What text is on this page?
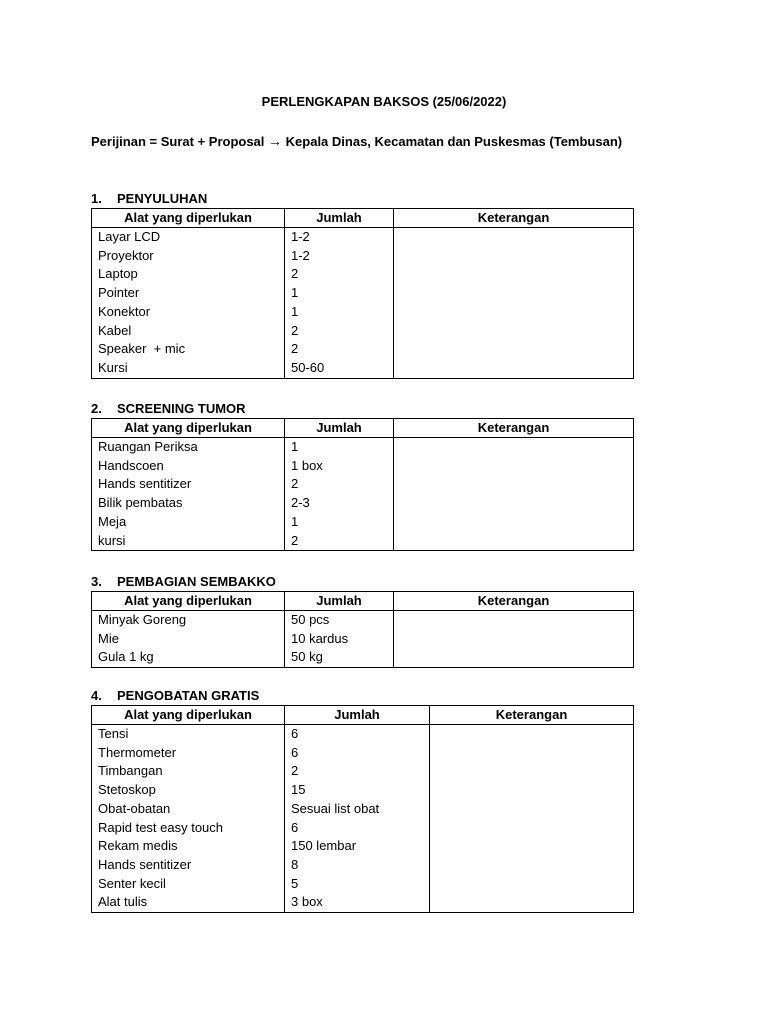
PERLENGKAPAN BAKSOS (25/06/2022)
Perijinan = Surat + Proposal → Kepala Dinas, Kecamatan dan Puskesmas (Tembusan)
1. PENYULUHAN
Alat yang diperlukan	Jumlah	Keterangan
Layar LCD	1-2	
Proyektor	1-2	
Laptop	2	
Pointer	1	
Konektor	1	
Kabel	2	
Speaker  + mic	2	
Kursi	50-60	
2. SCREENING TUMOR
Alat yang diperlukan	Jumlah	Keterangan
Ruangan Periksa	1	
Handscoen	1 box	
Hands sentitizer	2	
Bilik pembatas	2-3	
Meja	1	
kursi	2	
3. PEMBAGIAN SEMBAKKO
Alat yang diperlukan	Jumlah	Keterangan
Minyak Goreng	50 pcs	
Mie	10 kardus	
Gula 1 kg	50 kg	
4. PENGOBATAN GRATIS
Alat yang diperlukan	Jumlah	Keterangan
Tensi	6	
Thermometer	6	
Timbangan	2	
Stetoskop	15	
Obat-obatan	Sesuai list obat	
Rapid test easy touch	6	
Rekam medis	150 lembar	
Hands sentitizer	8	
Senter kecil	5	
Alat tulis	3 box	
